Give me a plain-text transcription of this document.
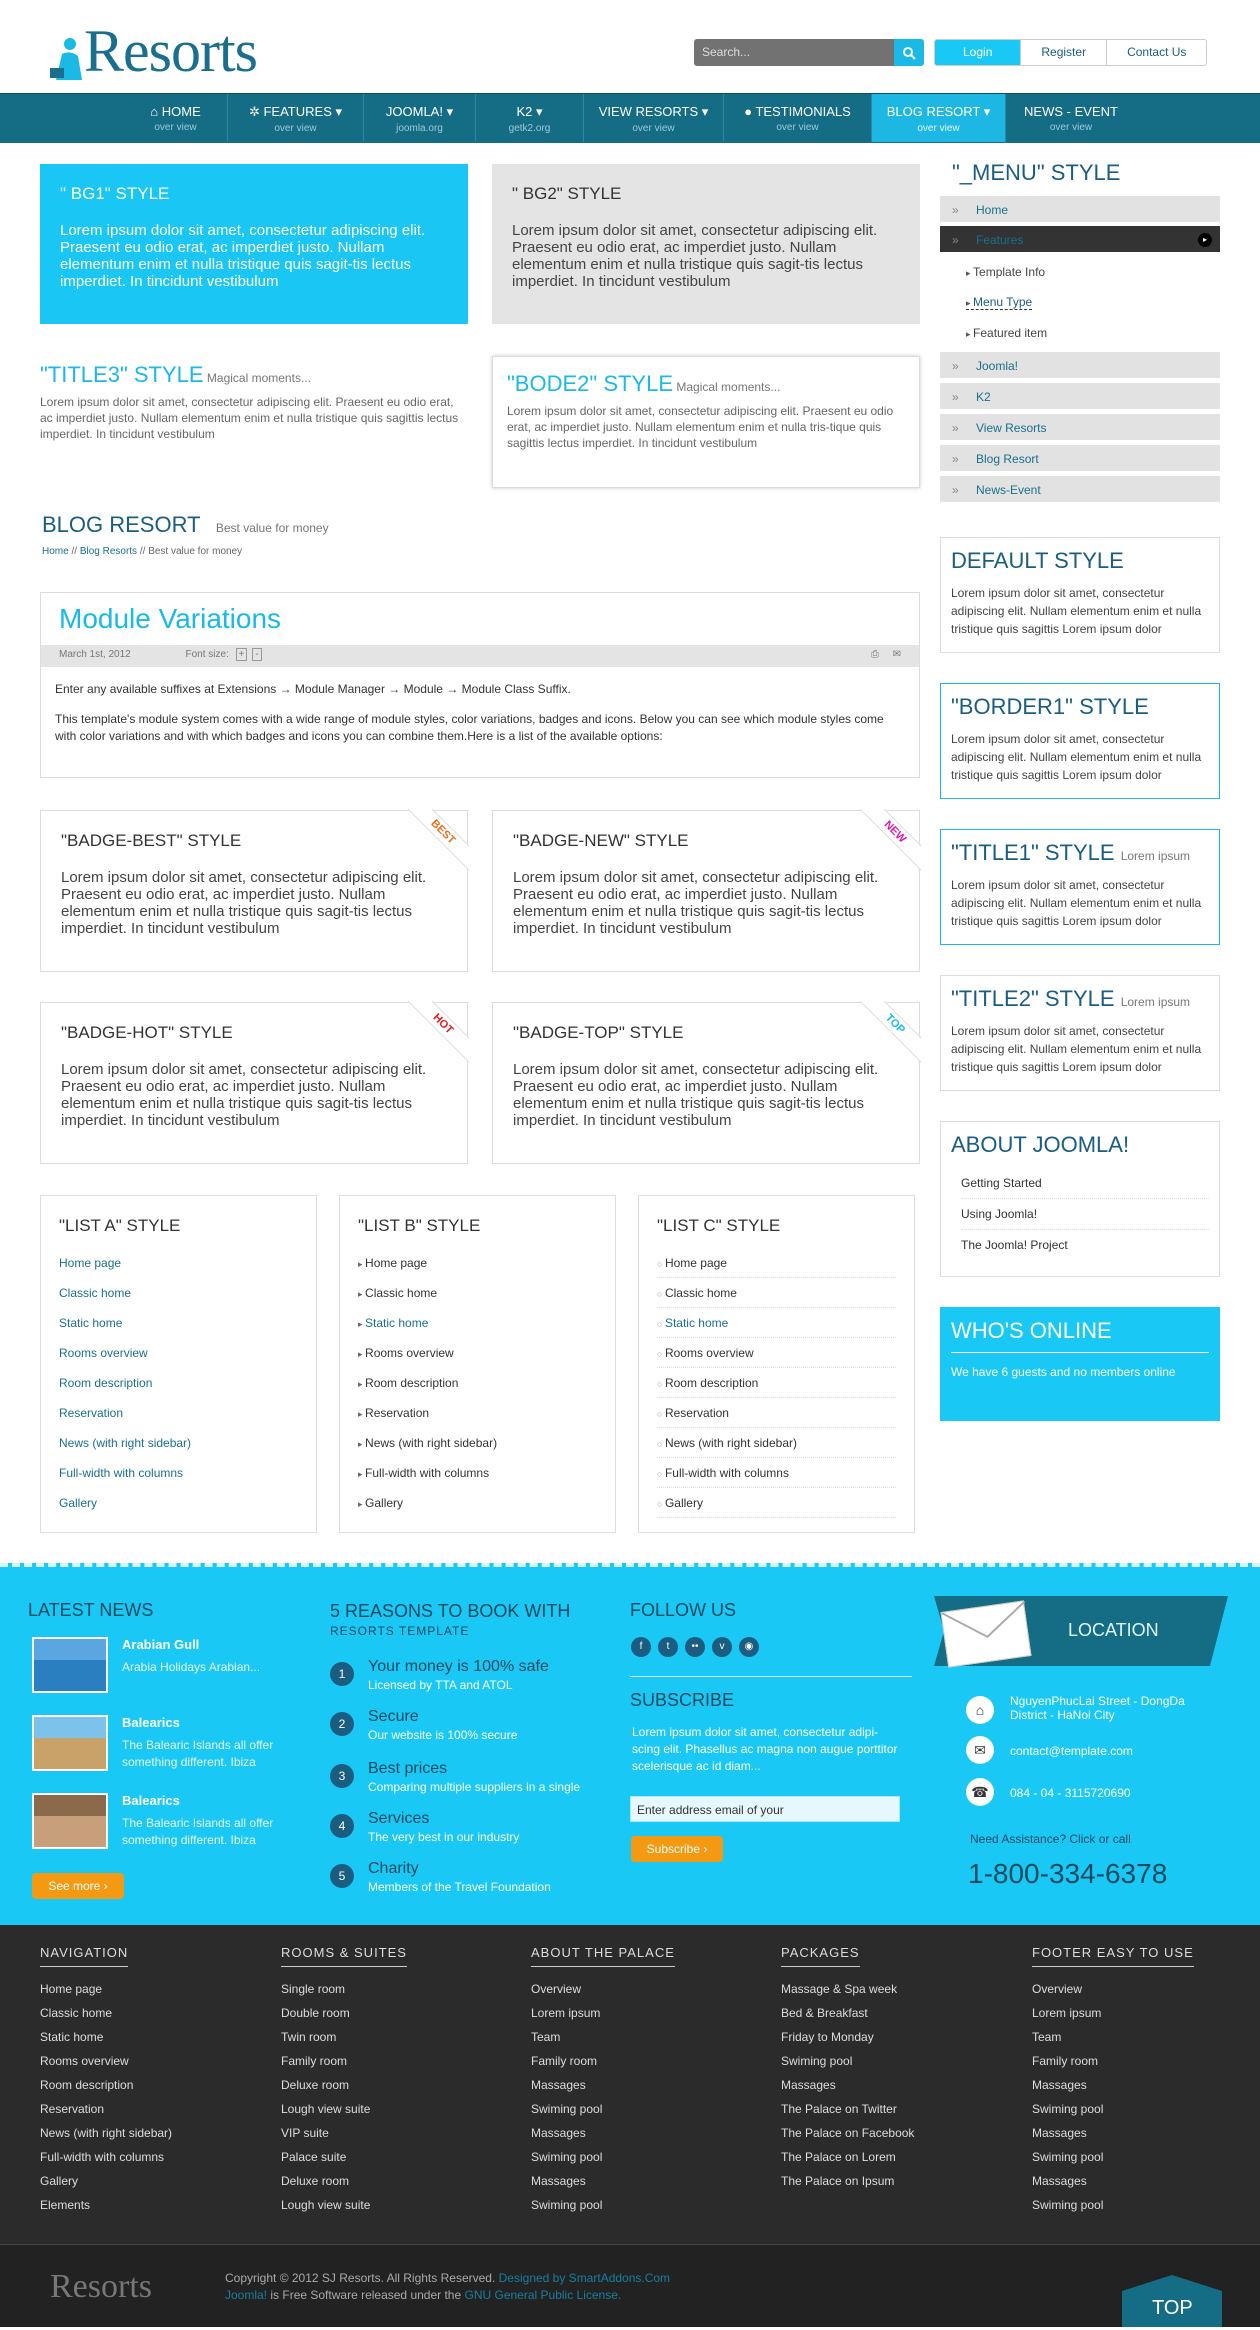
Resorts	Search...	Login	Register	Contact Us
⌂ HOME
over view
✲ FEATURES ▾
over view
JOOMLA! ▾
joomla.org
K2 ▾
getk2.org
VIEW RESORTS ▾
over view
● TESTIMONIALS
over view
BLOG RESORT ▾
over view
NEWS - EVENT
over view
" BG1" STYLE

Lorem ipsum dolor sit amet, consectetur adipiscing elit. Praesent eu odio erat, ac imperdiet justo. Nullam elementum enim et nulla tristique quis sagit-tis lectus imperdiet. In tincidunt vestibulum

" BG2" STYLE

Lorem ipsum dolor sit amet, consectetur adipiscing elit. Praesent eu odio erat, ac imperdiet justo. Nullam elementum enim et nulla tristique quis sagit-tis lectus imperdiet. In tincidunt vestibulum

"TITLE3" STYLE Magical moments...

Lorem ipsum dolor sit amet, consectetur adipiscing elit. Praesent eu odio erat, ac imperdiet justo. Nullam elementum enim et nulla tristique quis sagittis lectus imperdiet. In tincidunt vestibulum

"BODE2" STYLE Magical moments...

Lorem ipsum dolor sit amet, consectetur adipiscing elit. Praesent eu odio erat, ac imperdiet justo. Nullam elementum enim et nulla tris-tique quis sagittis lectus imperdiet. In tincidunt vestibulum

BLOG RESORT Best value for money
Home // Blog Resorts // Best value for money
Module Variations
March 1st, 2012	Font size: + -	⎙ ✉

Enter any available suffixes at Extensions → Module Manager → Module → Module Class Suffix.

This template's module system comes with a wide range of module styles, color variations, badges and icons. Below you can see which module styles come with color variations and with which badges and icons you can combine them.Here is a list of the available options:

BEST
"BADGE-BEST" STYLE

Lorem ipsum dolor sit amet, consectetur adipiscing elit. Praesent eu odio erat, ac imperdiet justo. Nullam elementum enim et nulla tristique quis sagit-tis lectus imperdiet. In tincidunt vestibulum

NEW
"BADGE-NEW" STYLE

Lorem ipsum dolor sit amet, consectetur adipiscing elit. Praesent eu odio erat, ac imperdiet justo. Nullam elementum enim et nulla tristique quis sagit-tis lectus imperdiet. In tincidunt vestibulum

HOT
"BADGE-HOT" STYLE

Lorem ipsum dolor sit amet, consectetur adipiscing elit. Praesent eu odio erat, ac imperdiet justo. Nullam elementum enim et nulla tristique quis sagit-tis lectus imperdiet. In tincidunt vestibulum

TOP
"BADGE-TOP" STYLE

Lorem ipsum dolor sit amet, consectetur adipiscing elit. Praesent eu odio erat, ac imperdiet justo. Nullam elementum enim et nulla tristique quis sagit-tis lectus imperdiet. In tincidunt vestibulum

"LIST A" STYLE
Home page
Classic home
Static home
Rooms overview
Room description
Reservation
News (with right sidebar)
Full-width with columns
Gallery
"LIST B" STYLE
▸ Home page
▸ Classic home
▸ Static home
▸ Rooms overview
▸ Room description
▸ Reservation
▸ News (with right sidebar)
▸ Full-width with columns
▸ Gallery
"LIST C" STYLE
○ Home page
○ Classic home
○ Static home
○ Rooms overview
○ Room description
○ Reservation
○ News (with right sidebar)
○ Full-width with columns
○ Gallery
"_MENU" STYLE
» Home
» Features	▸
▸ Template Info
▸ Menu Type
▸ Featured item
» Joomla!
» K2
» View Resorts
» Blog Resort
» News-Event
DEFAULT STYLE

Lorem ipsum dolor sit amet, consectetur adipiscing elit. Nullam elementum enim et nulla tristique quis sagittis Lorem ipsum dolor

"BORDER1" STYLE

Lorem ipsum dolor sit amet, consectetur adipiscing elit. Nullam elementum enim et nulla tristique quis sagittis Lorem ipsum dolor

"TITLE1" STYLE Lorem ipsum

Lorem ipsum dolor sit amet, consectetur adipiscing elit. Nullam elementum enim et nulla tristique quis sagittis Lorem ipsum dolor

"TITLE2" STYLE Lorem ipsum

Lorem ipsum dolor sit amet, consectetur adipiscing elit. Nullam elementum enim et nulla tristique quis sagittis Lorem ipsum dolor

ABOUT JOOMLA!
Getting Started
Using Joomla!
The Joomla! Project
WHO'S ONLINE

We have 6 guests and no members online

LATEST NEWS
Arabian Gull
Arabia Holidays Arabian...
Balearics
The Balearic Islands all offer something different. Ibiza
Balearics
The Balearic Islands all offer something different. Ibiza
See more ›
5 REASONS TO BOOK WITH
RESORTS TEMPLATE
1	Your money is 100% safe
Licensed by TTA and ATOL
2	Secure
Our website is 100% secure
3	Best prices
Comparing multiple suppliers in a single
4	Services
The very best in our industry
5	Charity
Members of the Travel Foundation
FOLLOW US
f	t	••	v	◉
SUBSCRIBE
Lorem ipsum dolor sit amet, consectetur adipi-scing elit. Phasellus ac magna non augue porttitor scelerisque ac id diam...
Enter address email of your
Subscribe ›
LOCATION
⌂
NguyenPhucLai Street - DongDa District - HaNoi City
✉	contact@template.com
☎	084 - 04 - 3115720690
Need Assistance? Click or call
1-800-334-6378
NAVIGATION
Home page
Classic home
Static home
Rooms overview
Room description
Reservation
News (with right sidebar)
Full-width with columns
Gallery
Elements
ROOMS & SUITES
Single room
Double room
Twin room
Family room
Deluxe room
Lough view suite
VIP suite
Palace suite
Deluxe room
Lough view suite
ABOUT THE PALACE
Overview
Lorem ipsum
Team
Family room
Massages
Swiming pool
Massages
Swiming pool
Massages
Swiming pool
PACKAGES
Massage & Spa week
Bed & Breakfast
Friday to Monday
Swiming pool
Massages
The Palace on Twitter
The Palace on Facebook
The Palace on Lorem
The Palace on Ipsum
FOOTER EASY TO USE
Overview
Lorem ipsum
Team
Family room
Massages
Swiming pool
Massages
Swiming pool
Massages
Swiming pool
Resorts	Copyright © 2012 SJ Resorts. All Rights Reserved. Designed by SmartAddons.Com
Joomla! is Free Software released under the GNU General Public License.
TOP
